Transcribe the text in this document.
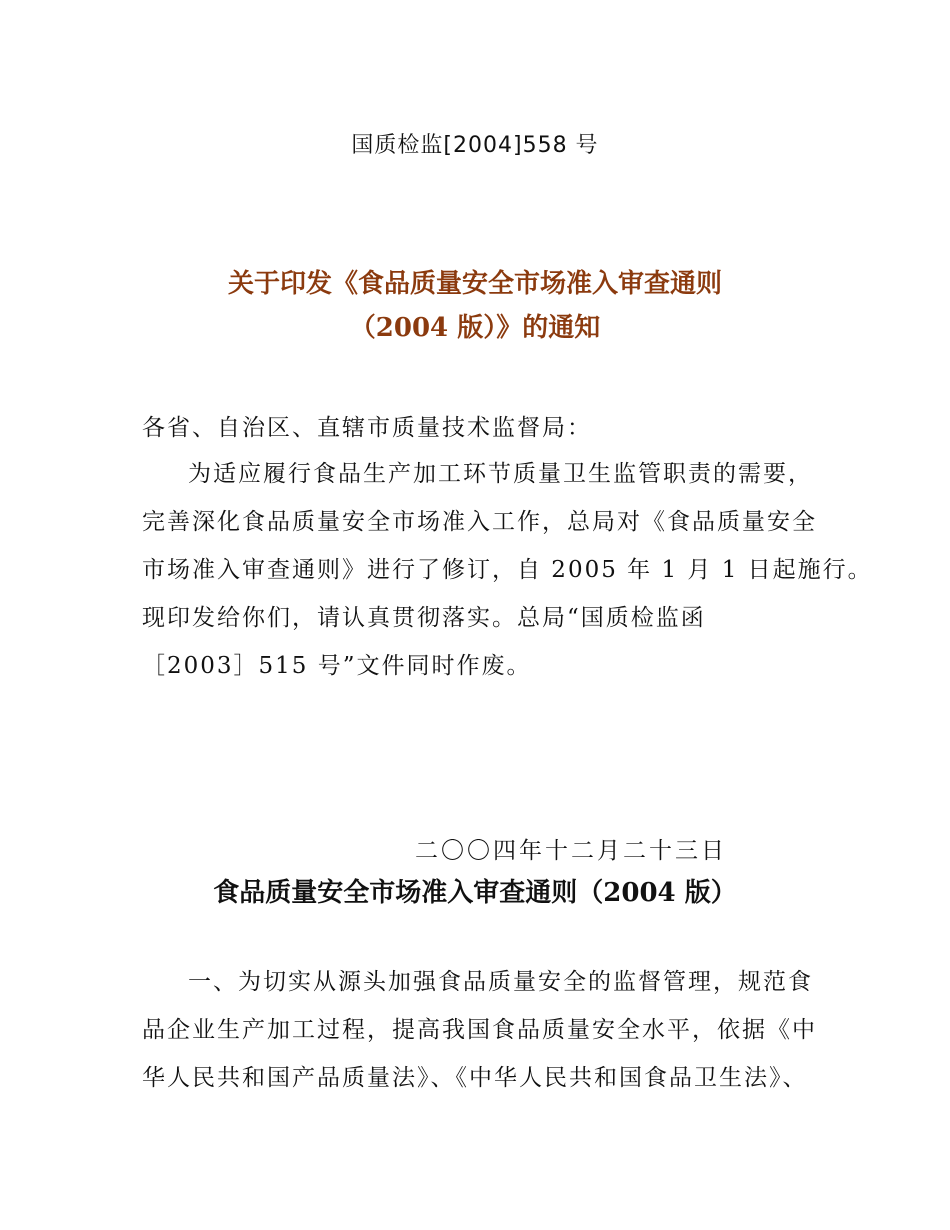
国质检监[2004]558 号
关于印发《食品质量安全市场准入审查通则
（2004 版）》的通知
各省、自治区、直辖市质量技术监督局：
为适应履行食品生产加工环节质量卫生监管职责的需要，
完善深化食品质量安全市场准入工作，总局对《食品质量安全
市场准入审查通则》进行了修订，自 2005 年 1 月 1 日起施行。
现印发给你们，请认真贯彻落实。总局“国质检监函
［2003］515 号”文件同时作废。
二〇〇四年十二月二十三日
食品质量安全市场准入审查通则（2004 版）
一、为切实从源头加强食品质量安全的监督管理，规范食
品企业生产加工过程，提高我国食品质量安全水平，依据《中
华人民共和国产品质量法》、《中华人民共和国食品卫生法》、
